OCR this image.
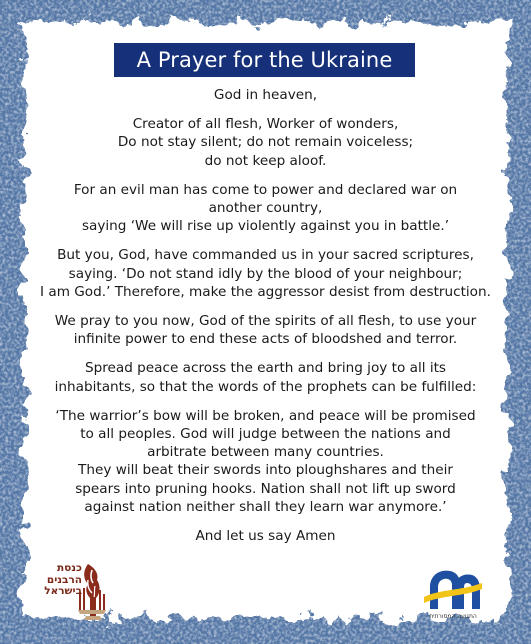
A Prayer for the Ukraine
God in heaven,
Creator of all flesh, Worker of wonders,
Do not stay silent; do not remain voiceless;
do not keep aloof.
For an evil man has come to power and declared war on
another country,
saying ‘We will rise up violently against you in battle.’
But you, God, have commanded us in your sacred scriptures,
saying. ‘Do not stand idly by the blood of your neighbour;
I am God.’ Therefore, make the aggressor desist from destruction.
We pray to you now, God of the spirits of all flesh, to use your
infinite power to end these acts of bloodshed and terror.
Spread peace across the earth and bring joy to all its
inhabitants, so that the words of the prophets can be fulfilled:
‘The warrior’s bow will be broken, and peace will be promised
to all peoples. God will judge between the nations and
arbitrate between many countries.
They will beat their swords into ploughshares and their
spears into pruning hooks. Nation shall not lift up sword
against nation neither shall they learn war anymore.’
And let us say Amen
כנסת
הרבנים
בישראל
התנועה המסורתית
